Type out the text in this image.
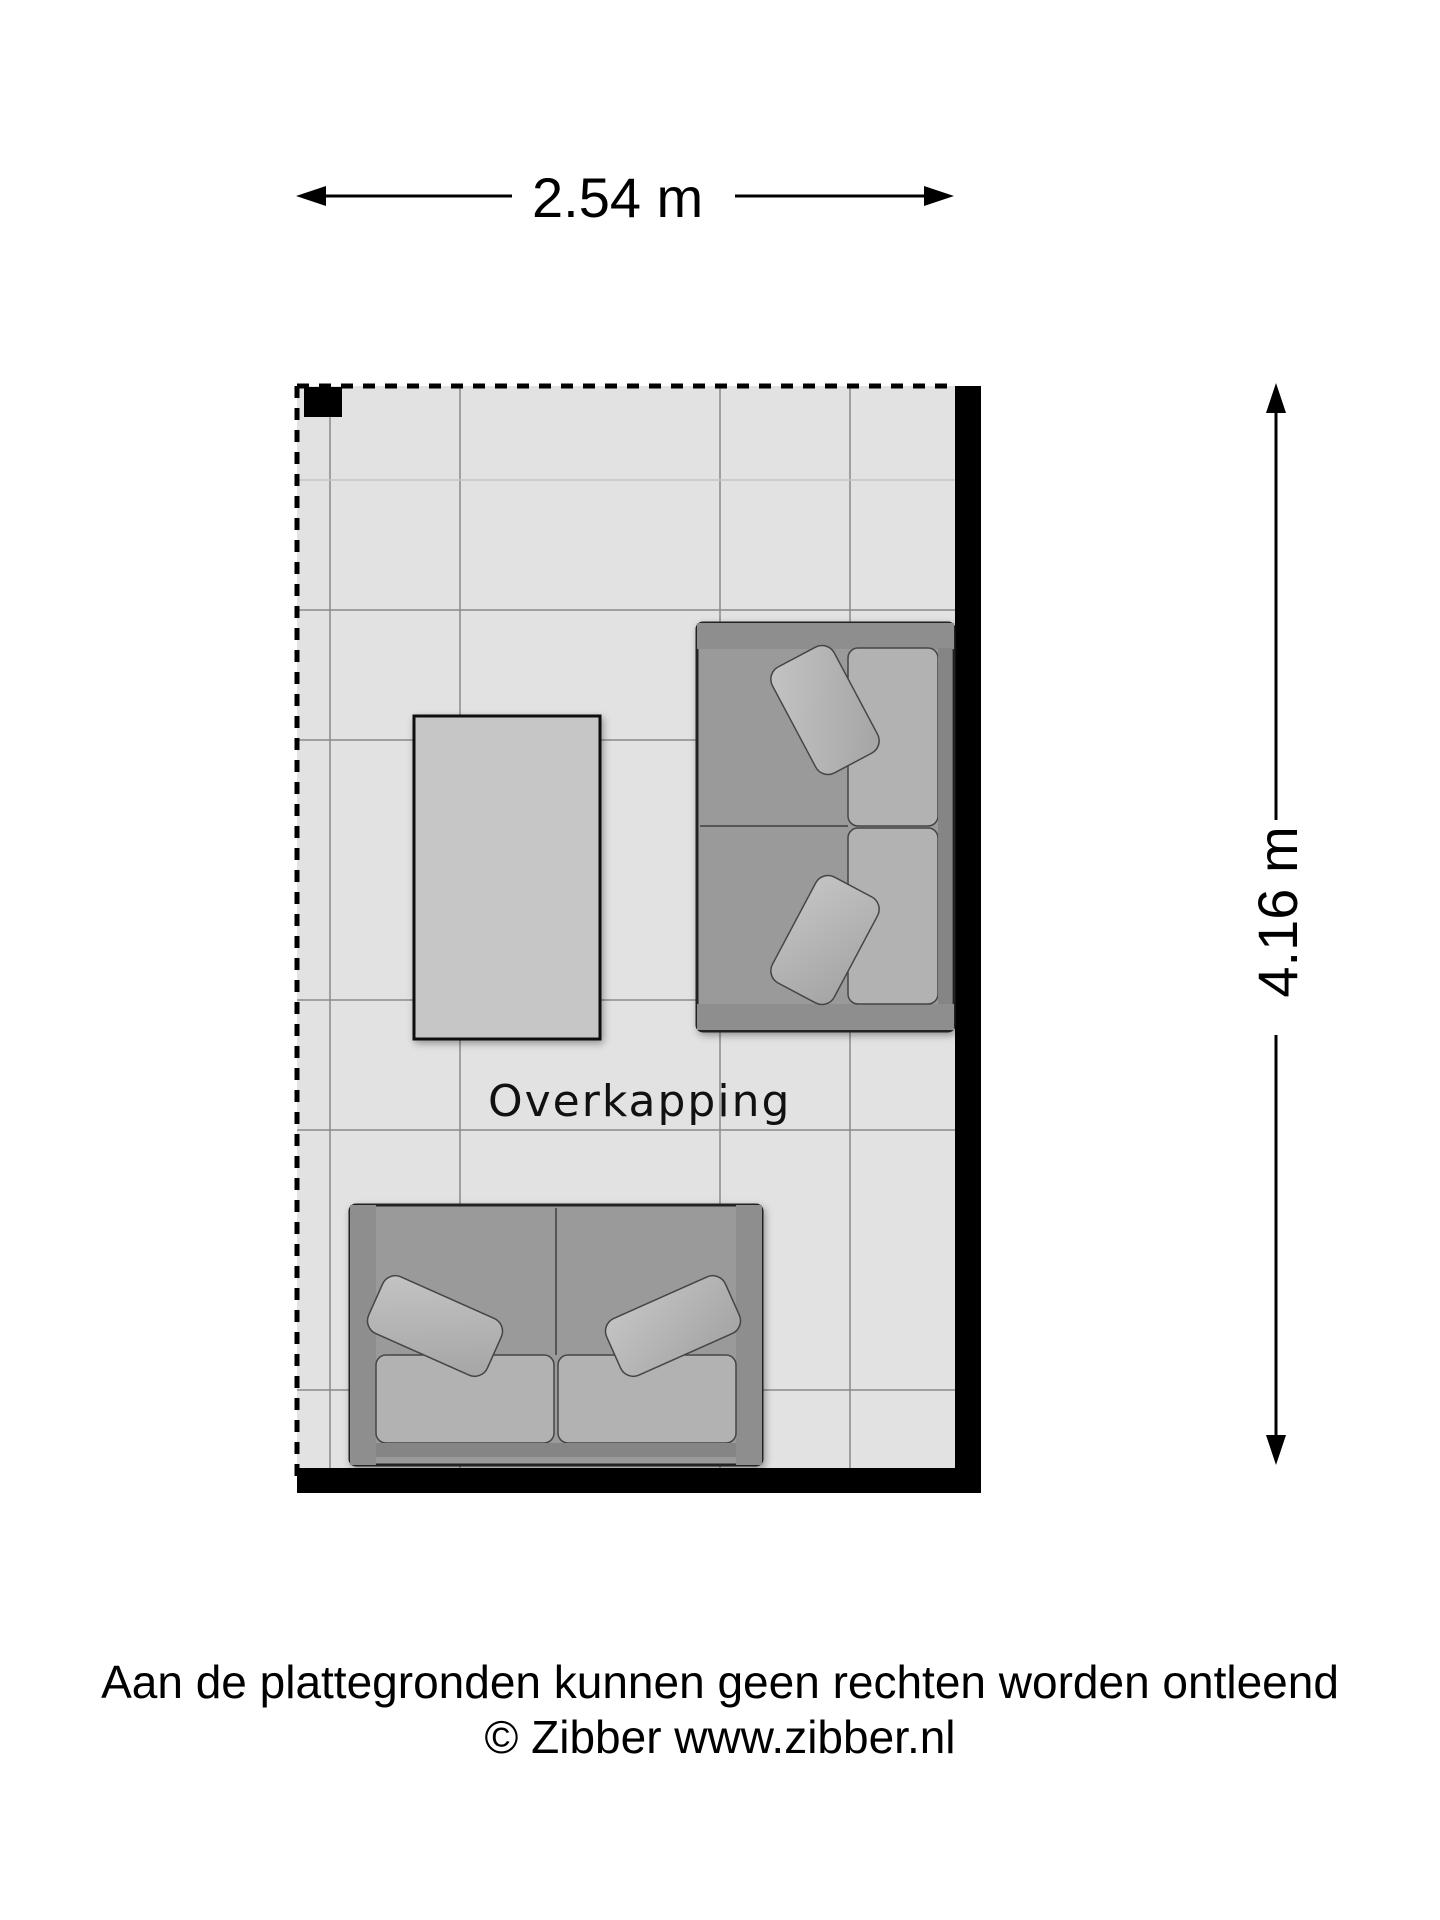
2.54 m
4.16 m
Overkapping
Aan de plattegronden kunnen geen rechten worden ontleend
© Zibber www.zibber.nl
